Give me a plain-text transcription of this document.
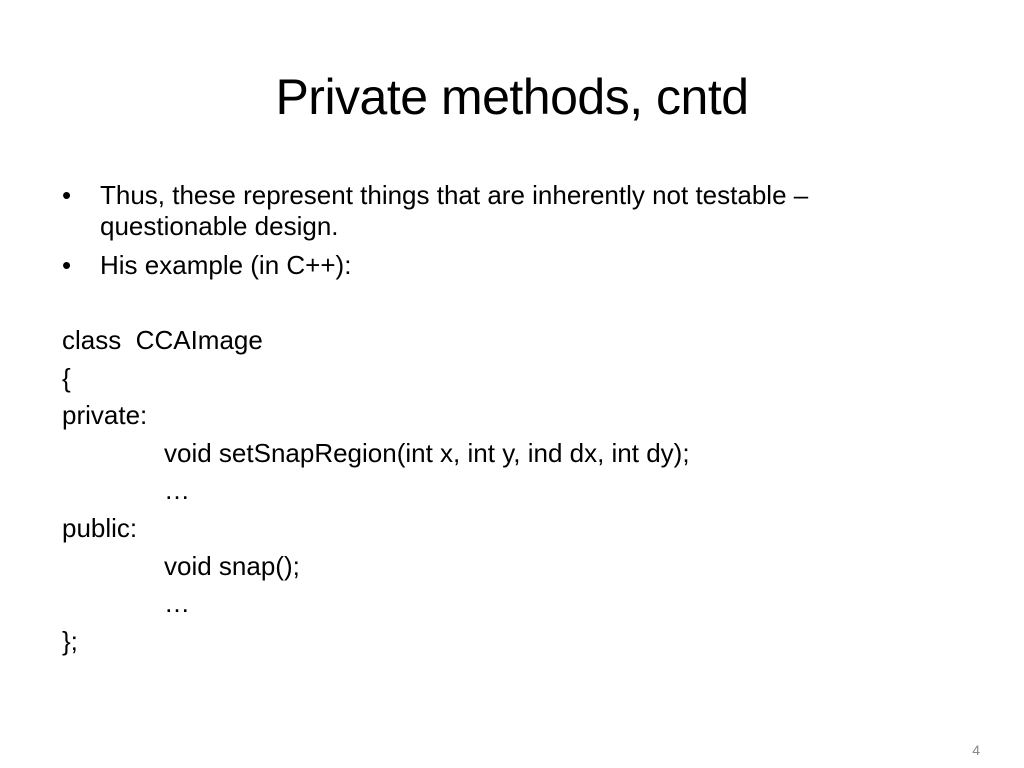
Private methods, cntd
•	Thus, these represent things that are inherently not testable –
questionable design.
•	His example (in C++):
class  CCAImage
{
private:
void setSnapRegion(int x, int y, ind dx, int dy);
…
public:
void snap();
…
};
4
